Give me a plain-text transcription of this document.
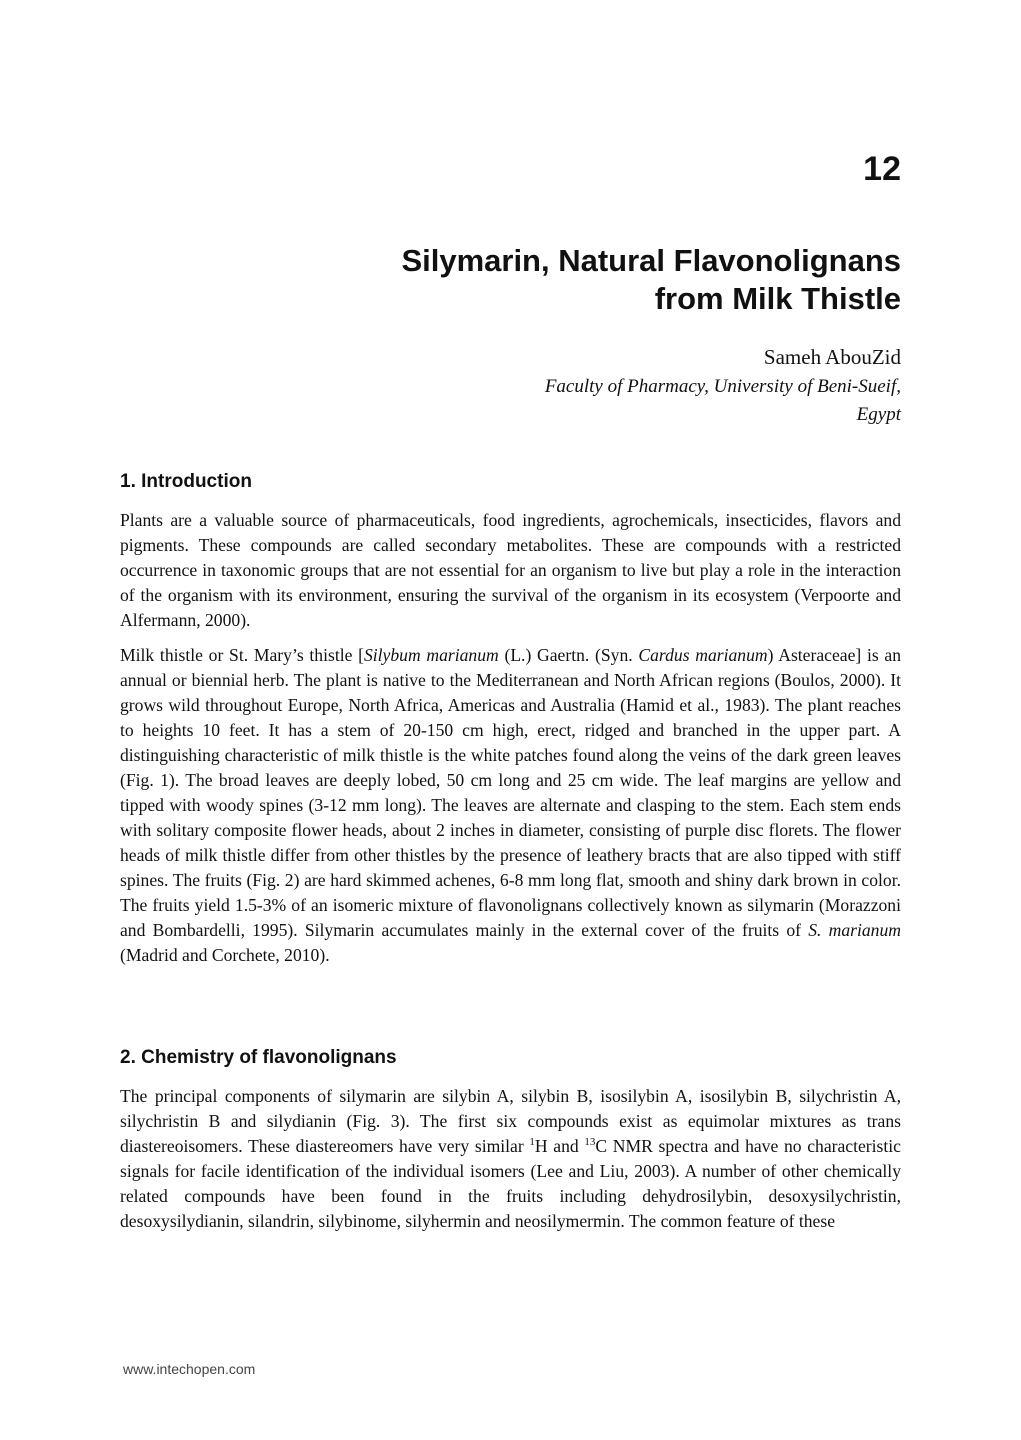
12
Silymarin, Natural Flavonolignans
from Milk Thistle
Sameh AbouZid
Faculty of Pharmacy, University of Beni-Sueif,
Egypt
1. Introduction

Plants are a valuable source of pharmaceuticals, food ingredients, agrochemicals, insecticides, flavors and pigments. These compounds are called secondary metabolites. These are compounds with a restricted occurrence in taxonomic groups that are not essential for an organism to live but play a role in the interaction of the organism with its environment, ensuring the survival of the organism in its ecosystem (Verpoorte and Alfermann, 2000).

Milk thistle or St. Mary’s thistle [Silybum marianum (L.) Gaertn. (Syn. Cardus marianum) Asteraceae] is an annual or biennial herb. The plant is native to the Mediterranean and North African regions (Boulos, 2000). It grows wild throughout Europe, North Africa, Americas and Australia (Hamid et al., 1983). The plant reaches to heights 10 feet. It has a stem of 20-150 cm high, erect, ridged and branched in the upper part. A distinguishing characteristic of milk thistle is the white patches found along the veins of the dark green leaves (Fig. 1). The broad leaves are deeply lobed, 50 cm long and 25 cm wide. The leaf margins are yellow and tipped with woody spines (3-12 mm long). The leaves are alternate and clasping to the stem. Each stem ends with solitary composite flower heads, about 2 inches in diameter, consisting of purple disc florets. The flower heads of milk thistle differ from other thistles by the presence of leathery bracts that are also tipped with stiff spines. The fruits (Fig. 2) are hard skimmed achenes, 6-8 mm long flat, smooth and shiny dark brown in color. The fruits yield 1.5-3% of an isomeric mixture of flavonolignans collectively known as silymarin (Morazzoni and Bombardelli, 1995). Silymarin accumulates mainly in the external cover of the fruits of S. marianum (Madrid and Corchete, 2010).

2. Chemistry of flavonolignans

The principal components of silymarin are silybin A, silybin B, isosilybin A, isosilybin B, silychristin A, silychristin B and silydianin (Fig. 3). The first six compounds exist as equimolar mixtures as trans diastereoisomers. These diastereomers have very similar $^1$H and $^{13}$C NMR spectra and have no characteristic signals for facile identification of the individual isomers (Lee and Liu, 2003). A number of other chemically related compounds have been found in the fruits including dehydrosilybin, desoxysilychristin, desoxysilydianin, silandrin, silybinome, silyhermin and neosilymermin. The common feature of these

www.intechopen.com
